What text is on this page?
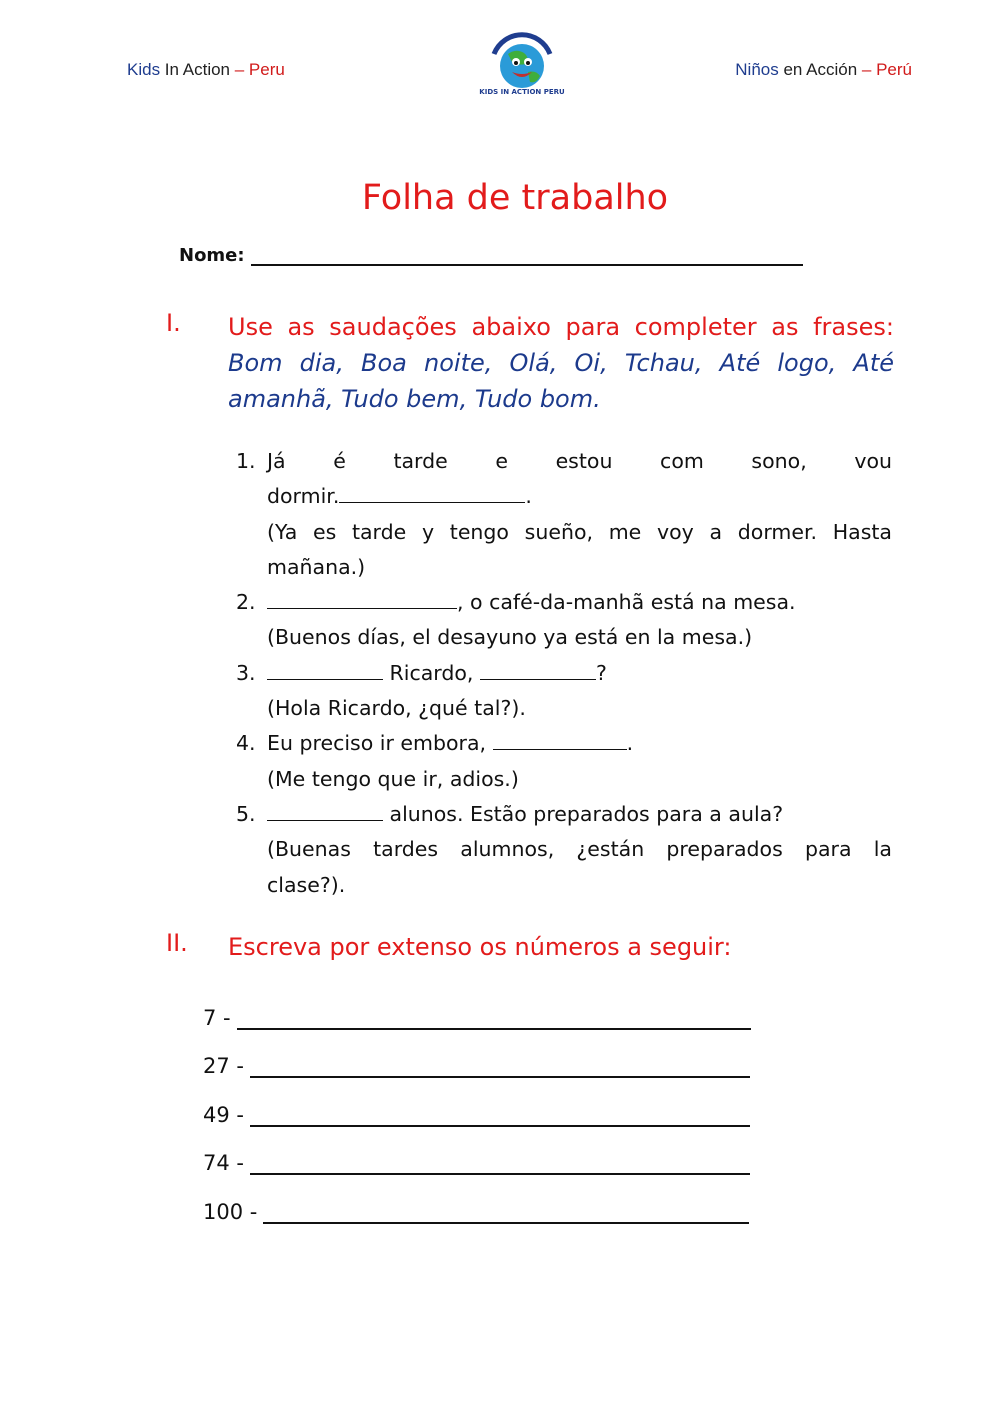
Kids In Action – Peru
KIDS IN ACTION PERU
Niños en Acción – Perú
Folha de trabalho
Nome:
I. Use as saudações abaixo para completer as frases: Bom dia, Boa noite, Olá, Oi, Tchau, Até logo, Até amanhã, Tudo bem, Tudo bom.
1. Já é tarde e estou com sono, vou
dormir.	.
(Ya es tarde y tengo sueño, me voy a dormer. Hasta
mañana.)
2.	, o café-da-manhã está na mesa.
(Buenos días, el desayuno ya está en la mesa.)
3.	Ricardo,	?
(Hola Ricardo, ¿qué tal?).
4. Eu preciso ir embora,	.
(Me tengo que ir, adios.)
5.	alunos. Estão preparados para a aula?
(Buenas tardes alumnos, ¿están preparados para la
clase?).
II. Escreva por extenso os números a seguir:
7 -
27 -
49 -
74 -
100 -
